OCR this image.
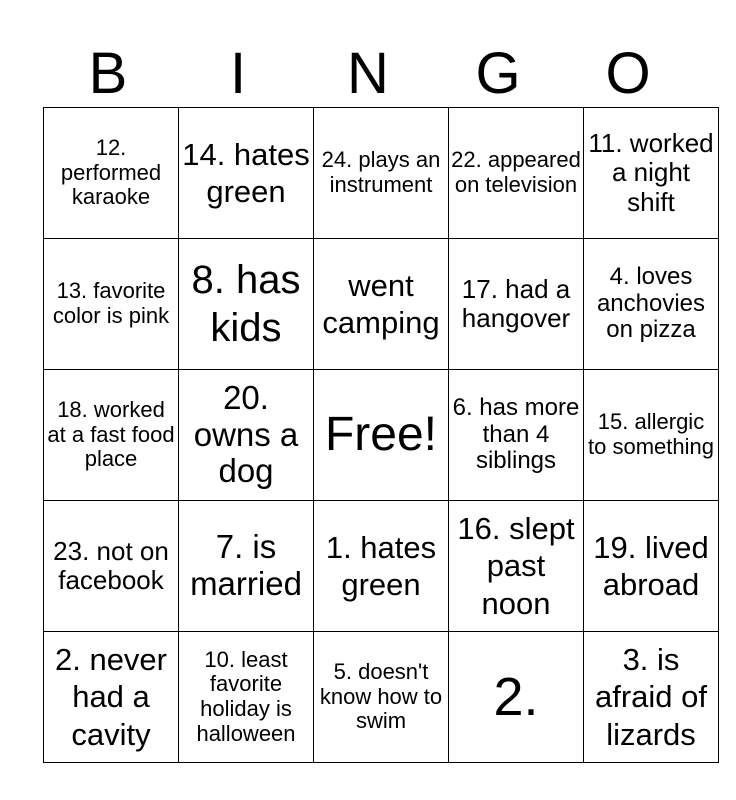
B	I	N	G	O
12. performed karaoke	14. hates green	24. plays an instrument	22. appeared on television	11. worked a night shift
13. favorite color is pink	8. has kids	went camping	17. had a hangover	4. loves anchovies on pizza
18. worked at a fast food place	20. owns a dog	Free!	6. has more than 4 siblings	15. allergic to something
23. not on facebook	7. is married	1. hates green	16. slept past noon	19. lived abroad
2. never had a cavity	10. least favorite holiday is halloween	5. doesn't know how to swim	2.	3. is afraid of lizards
